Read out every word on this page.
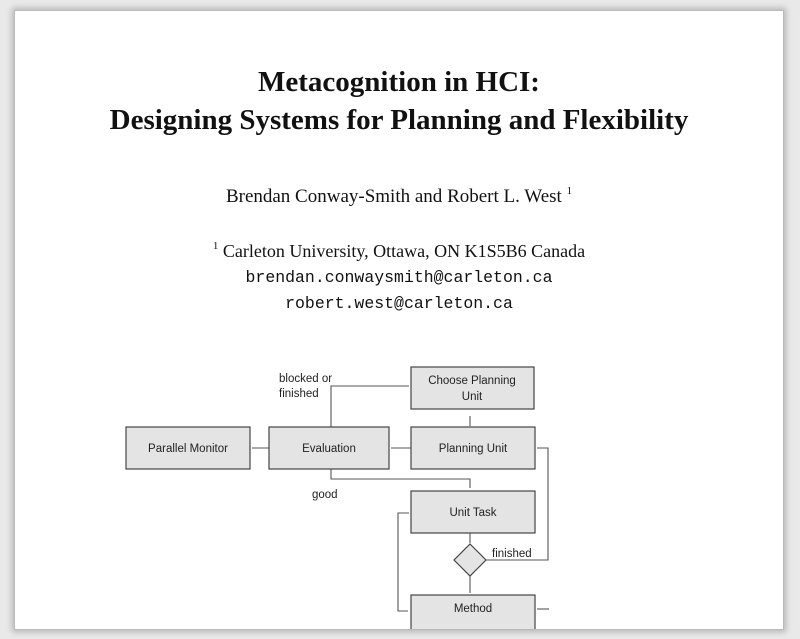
Metacognition in HCI:
Designing Systems for Planning and Flexibility
Brendan Conway-Smith and Robert L. West $^1$
$^1$ Carleton University, Ottawa, ON K1S5B6 Canada
brendan.conwaysmith@carleton.ca
robert.west@carleton.ca
Choose Planning
Unit
Parallel Monitor	Evaluation	Planning Unit
Unit Task
Method
blocked or
finished
good
finished
